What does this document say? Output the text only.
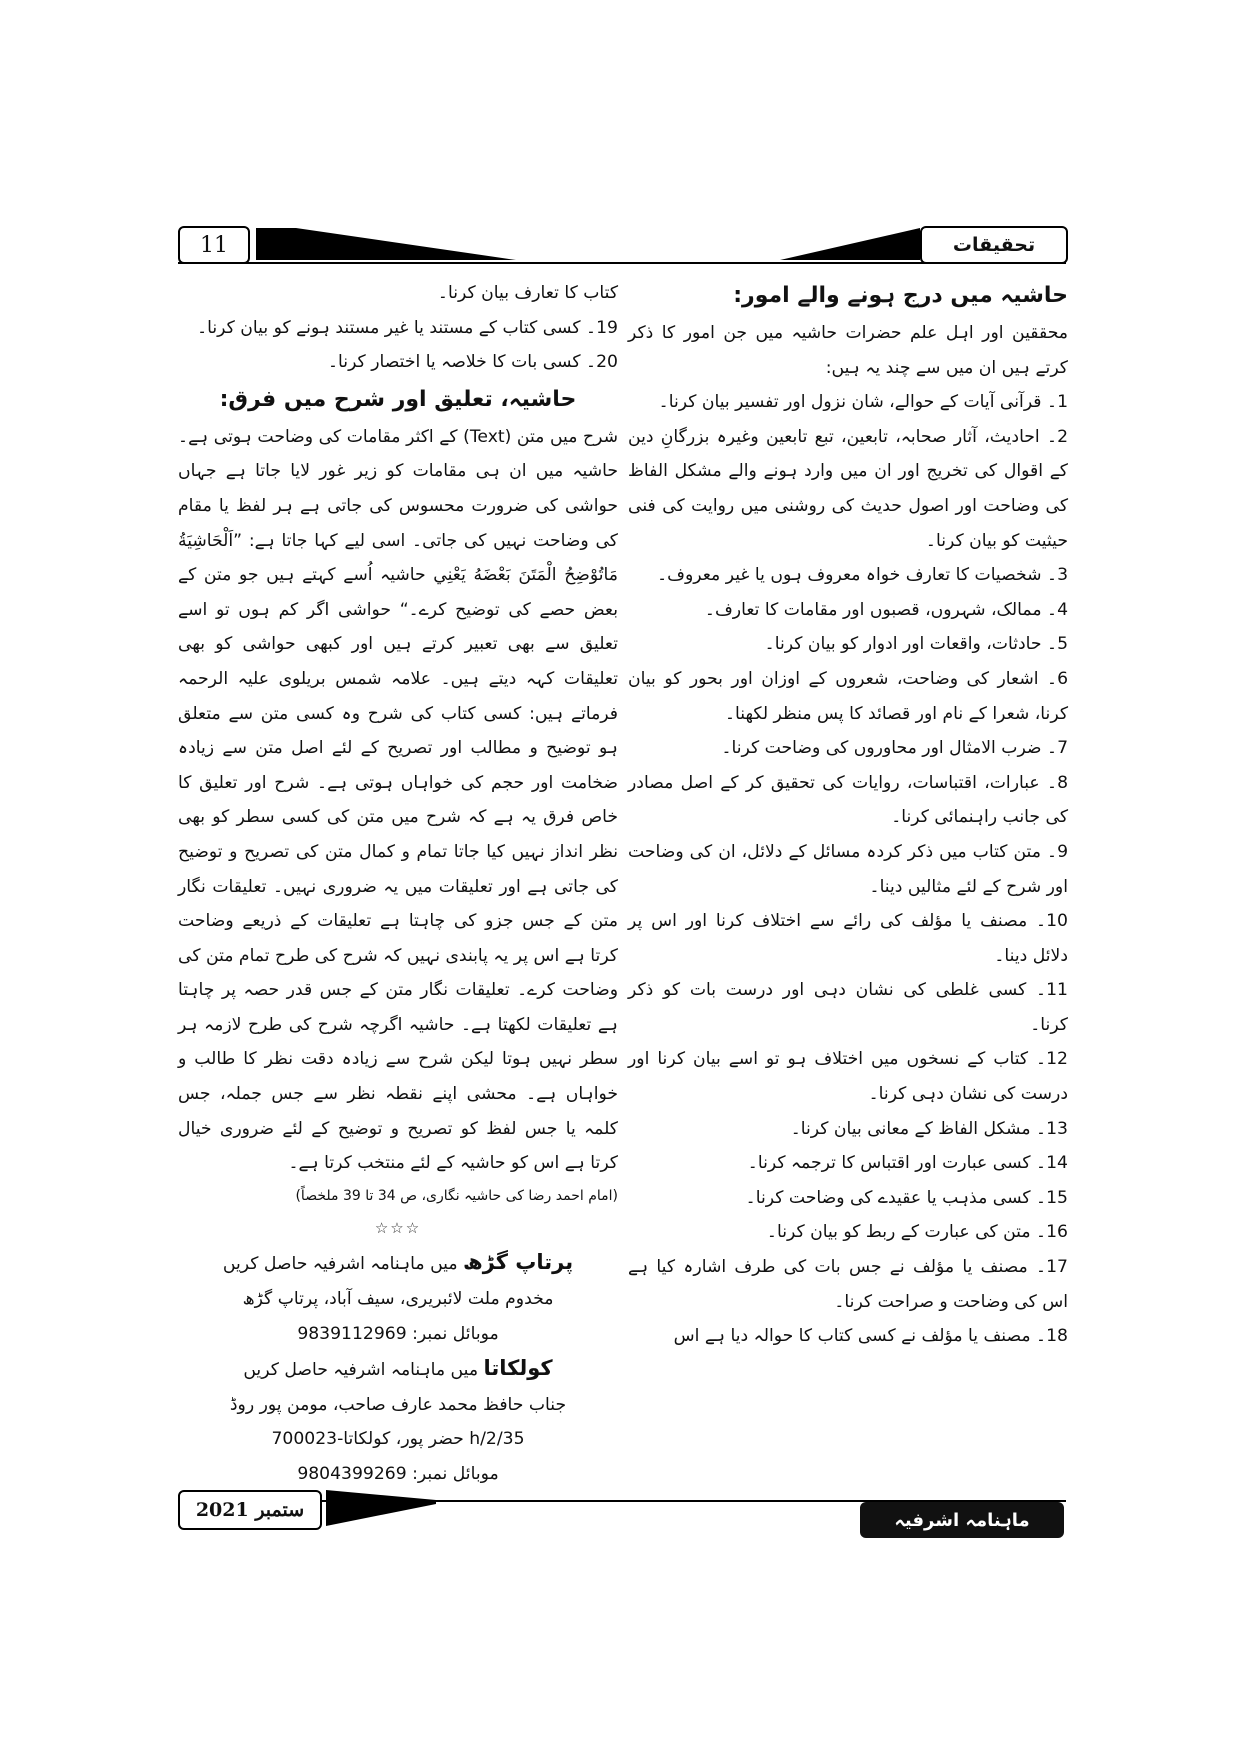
11	تحقیقات
حاشیہ میں درج ہونے والے امور:

محققین اور اہل علم حضرات حاشیہ میں جن امور کا ذکر کرتے ہیں ان میں سے چند یہ ہیں:

1۔ قرآنی آیات کے حوالے، شان نزول اور تفسیر بیان کرنا۔

2۔ احادیث، آثار صحابہ، تابعین، تبع تابعین وغیرہ بزرگانِ دین کے اقوال کی تخریج اور ان میں وارد ہونے والے مشکل الفاظ کی وضاحت اور اصول حدیث کی روشنی میں روایت کی فنی حیثیت کو بیان کرنا۔

3۔ شخصیات کا تعارف خواہ معروف ہوں یا غیر معروف۔

4۔ ممالک، شہروں، قصبوں اور مقامات کا تعارف۔

5۔ حادثات، واقعات اور ادوار کو بیان کرنا۔

6۔ اشعار کی وضاحت، شعروں کے اوزان اور بحور کو بیان کرنا، شعرا کے نام اور قصائد کا پس منظر لکھنا۔

7۔ ضرب الامثال اور محاوروں کی وضاحت کرنا۔

8۔ عبارات، اقتباسات، روایات کی تحقیق کر کے اصل مصادر کی جانب راہنمائی کرنا۔

9۔ متن کتاب میں ذکر کردہ مسائل کے دلائل، ان کی وضاحت اور شرح کے لئے مثالیں دینا۔

10۔ مصنف یا مؤلف کی رائے سے اختلاف کرنا اور اس پر دلائل دینا۔

11۔ کسی غلطی کی نشان دہی اور درست بات کو ذکر کرنا۔

12۔ کتاب کے نسخوں میں اختلاف ہو تو اسے بیان کرنا اور درست کی نشان دہی کرنا۔

13۔ مشکل الفاظ کے معانی بیان کرنا۔

14۔ کسی عبارت اور اقتباس کا ترجمہ کرنا۔

15۔ کسی مذہب یا عقیدے کی وضاحت کرنا۔

16۔ متن کی عبارت کے ربط کو بیان کرنا۔

17۔ مصنف یا مؤلف نے جس بات کی طرف اشارہ کیا ہے اس کی وضاحت و صراحت کرنا۔

18۔ مصنف یا مؤلف نے کسی کتاب کا حوالہ دیا ہے اس

کتاب کا تعارف بیان کرنا۔

19۔ کسی کتاب کے مستند یا غیر مستند ہونے کو بیان کرنا۔

20۔ کسی بات کا خلاصہ یا اختصار کرنا۔

حاشیہ، تعلیق اور شرح میں فرق:

شرح میں متن (Text) کے اکثر مقامات کی وضاحت ہوتی ہے۔ حاشیہ میں ان ہی مقامات کو زیر غور لایا جاتا ہے جہاں حواشی کی ضرورت محسوس کی جاتی ہے ہر لفظ یا مقام کی وضاحت نہیں کی جاتی۔ اسی لیے کہا جاتا ہے: ”اَلْحَاشِيَةُ مَاتُوْضِحُ الْمَتَنَ بَعْضَهُ يَعْنِي حاشیہ اُسے کہتے ہیں جو متن کے بعض حصے کی توضیح کرے۔“ حواشی اگر کم ہوں تو اسے تعلیق سے بھی تعبیر کرتے ہیں اور کبھی حواشی کو بھی تعلیقات کہہ دیتے ہیں۔ علامہ شمس بریلوی علیہ الرحمہ فرماتے ہیں: کسی کتاب کی شرح وہ کسی متن سے متعلق ہو توضیح و مطالب اور تصریح کے لئے اصل متن سے زیادہ ضخامت اور حجم کی خواہاں ہوتی ہے۔ شرح اور تعلیق کا خاص فرق یہ ہے کہ شرح میں متن کی کسی سطر کو بھی نظر انداز نہیں کیا جاتا تمام و کمال متن کی تصریح و توضیح کی جاتی ہے اور تعلیقات میں یہ ضروری نہیں۔ تعلیقات نگار متن کے جس جزو کی چاہتا ہے تعلیقات کے ذریعے وضاحت کرتا ہے اس پر یہ پابندی نہیں کہ شرح کی طرح تمام متن کی وضاحت کرے۔ تعلیقات نگار متن کے جس قدر حصہ پر چاہتا ہے تعلیقات لکھتا ہے۔ حاشیہ اگرچہ شرح کی طرح لازمہ ہر سطر نہیں ہوتا لیکن شرح سے زیادہ دقت نظر کا طالب و خواہاں ہے۔ محشی اپنے نقطہ نظر سے جس جملہ، جس کلمہ یا جس لفظ کو تصریح و توضیح کے لئے ضروری خیال کرتا ہے اس کو حاشیہ کے لئے منتخب کرتا ہے۔

(امام احمد رضا کی حاشیہ نگاری، ص 34 تا 39 ملخصاً)

☆☆☆

پرتاپ گڑھ میں ماہنامہ اشرفیہ حاصل کریں

مخدوم ملت لائبریری، سیف آباد، پرتاپ گڑھ

موبائل نمبر: 9839112969

کولکاتا میں ماہنامہ اشرفیہ حاصل کریں

جناب حافظ محمد عارف صاحب، مومن پور روڈ

35/h/2 حضر پور، کولکاتا-700023

موبائل نمبر: 9804399269

ستمبر 2021	ماہنامہ اشرفیہ
